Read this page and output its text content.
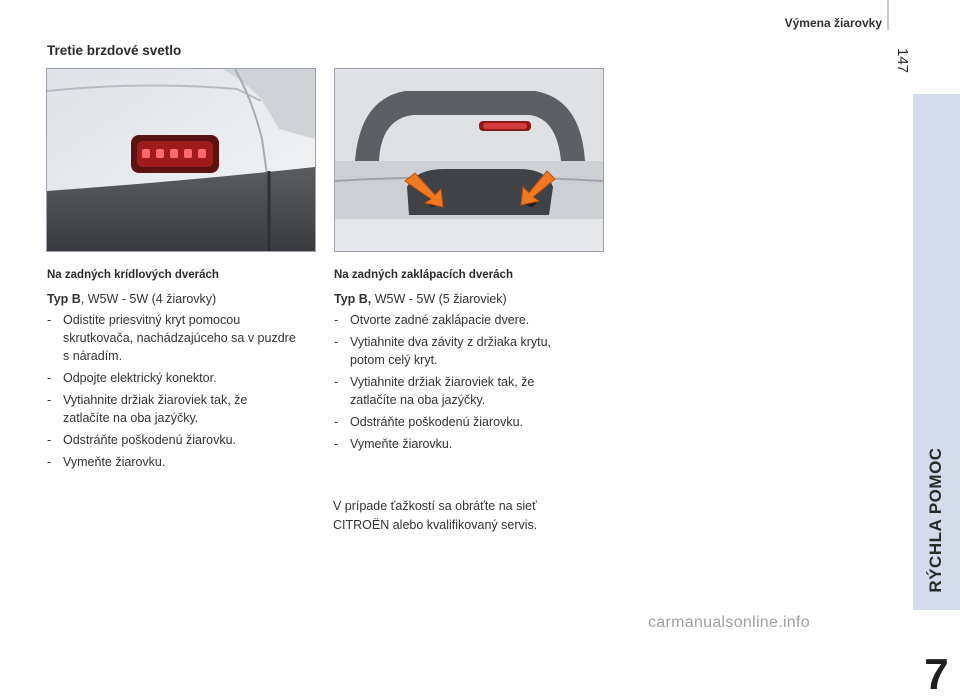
Výmena žiarovky
147
RÝCHLA POMOC
7
Tretie brzdové svetlo
Na zadných krídlových dverách

Typ B, W5W - 5W (4 žiarovky)

- Odistite priesvitný kryt pomocou skrutkovača, nachádzajúceho sa v puzdre s náradím.
- Odpojte elektrický konektor.
- Vytiahnite držiak žiaroviek tak, že zatlačíte na oba jazýčky.
- Odstráňte poškodenú žiarovku.
- Vymeňte žiarovku.
Na zadných zaklápacích dverách

Typ B, W5W - 5W (5 žiaroviek)

- Otvorte zadné zaklápacie dvere.
- Vytiahnite dva závity z držiaka krytu, potom celý kryt.
- Vytiahnite držiak žiaroviek tak, že zatlačíte na oba jazýčky.
- Odstráňte poškodenú žiarovku.
- Vymeňte žiarovku.
V prípade ťažkostí sa obráťte na sieť CITROËN alebo kvalifikovaný servis.
carmanualsonline.info
